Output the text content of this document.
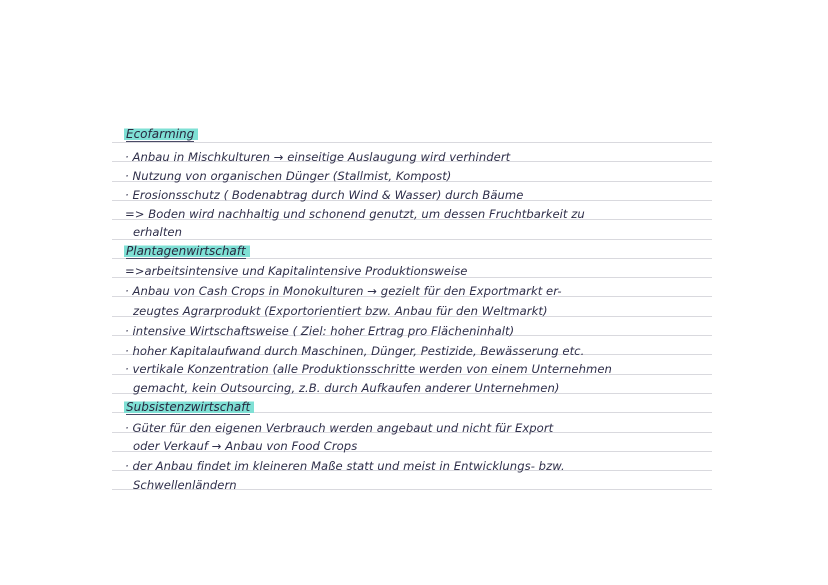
Ecofarming
· Anbau in Mischkulturen → einseitige Auslaugung wird verhindert
· Nutzung von organischen Dünger (Stallmist, Kompost)
· Erosionsschutz ( Bodenabtrag durch Wind & Wasser) durch Bäume
=> Boden wird nachhaltig und schonend genutzt, um dessen Fruchtbarkeit zu
erhalten
Plantagenwirtschaft
=>arbeitsintensive und Kapitalintensive Produktionsweise
· Anbau von Cash Crops in Monokulturen → gezielt für den Exportmarkt er-
zeugtes Agrarprodukt (Exportorientiert bzw. Anbau für den Weltmarkt)
· intensive Wirtschaftsweise ( Ziel: hoher Ertrag pro Flächeninhalt)
· hoher Kapitalaufwand durch Maschinen, Dünger, Pestizide, Bewässerung etc.
· vertikale Konzentration (alle Produktionsschritte werden von einem Unternehmen
gemacht, kein Outsourcing, z.B. durch Aufkaufen anderer Unternehmen)
Subsistenzwirtschaft
· Güter für den eigenen Verbrauch werden angebaut und nicht für Export
oder Verkauf → Anbau von Food Crops
· der Anbau findet im kleineren Maße statt und meist in Entwicklungs- bzw.
Schwellenländern
